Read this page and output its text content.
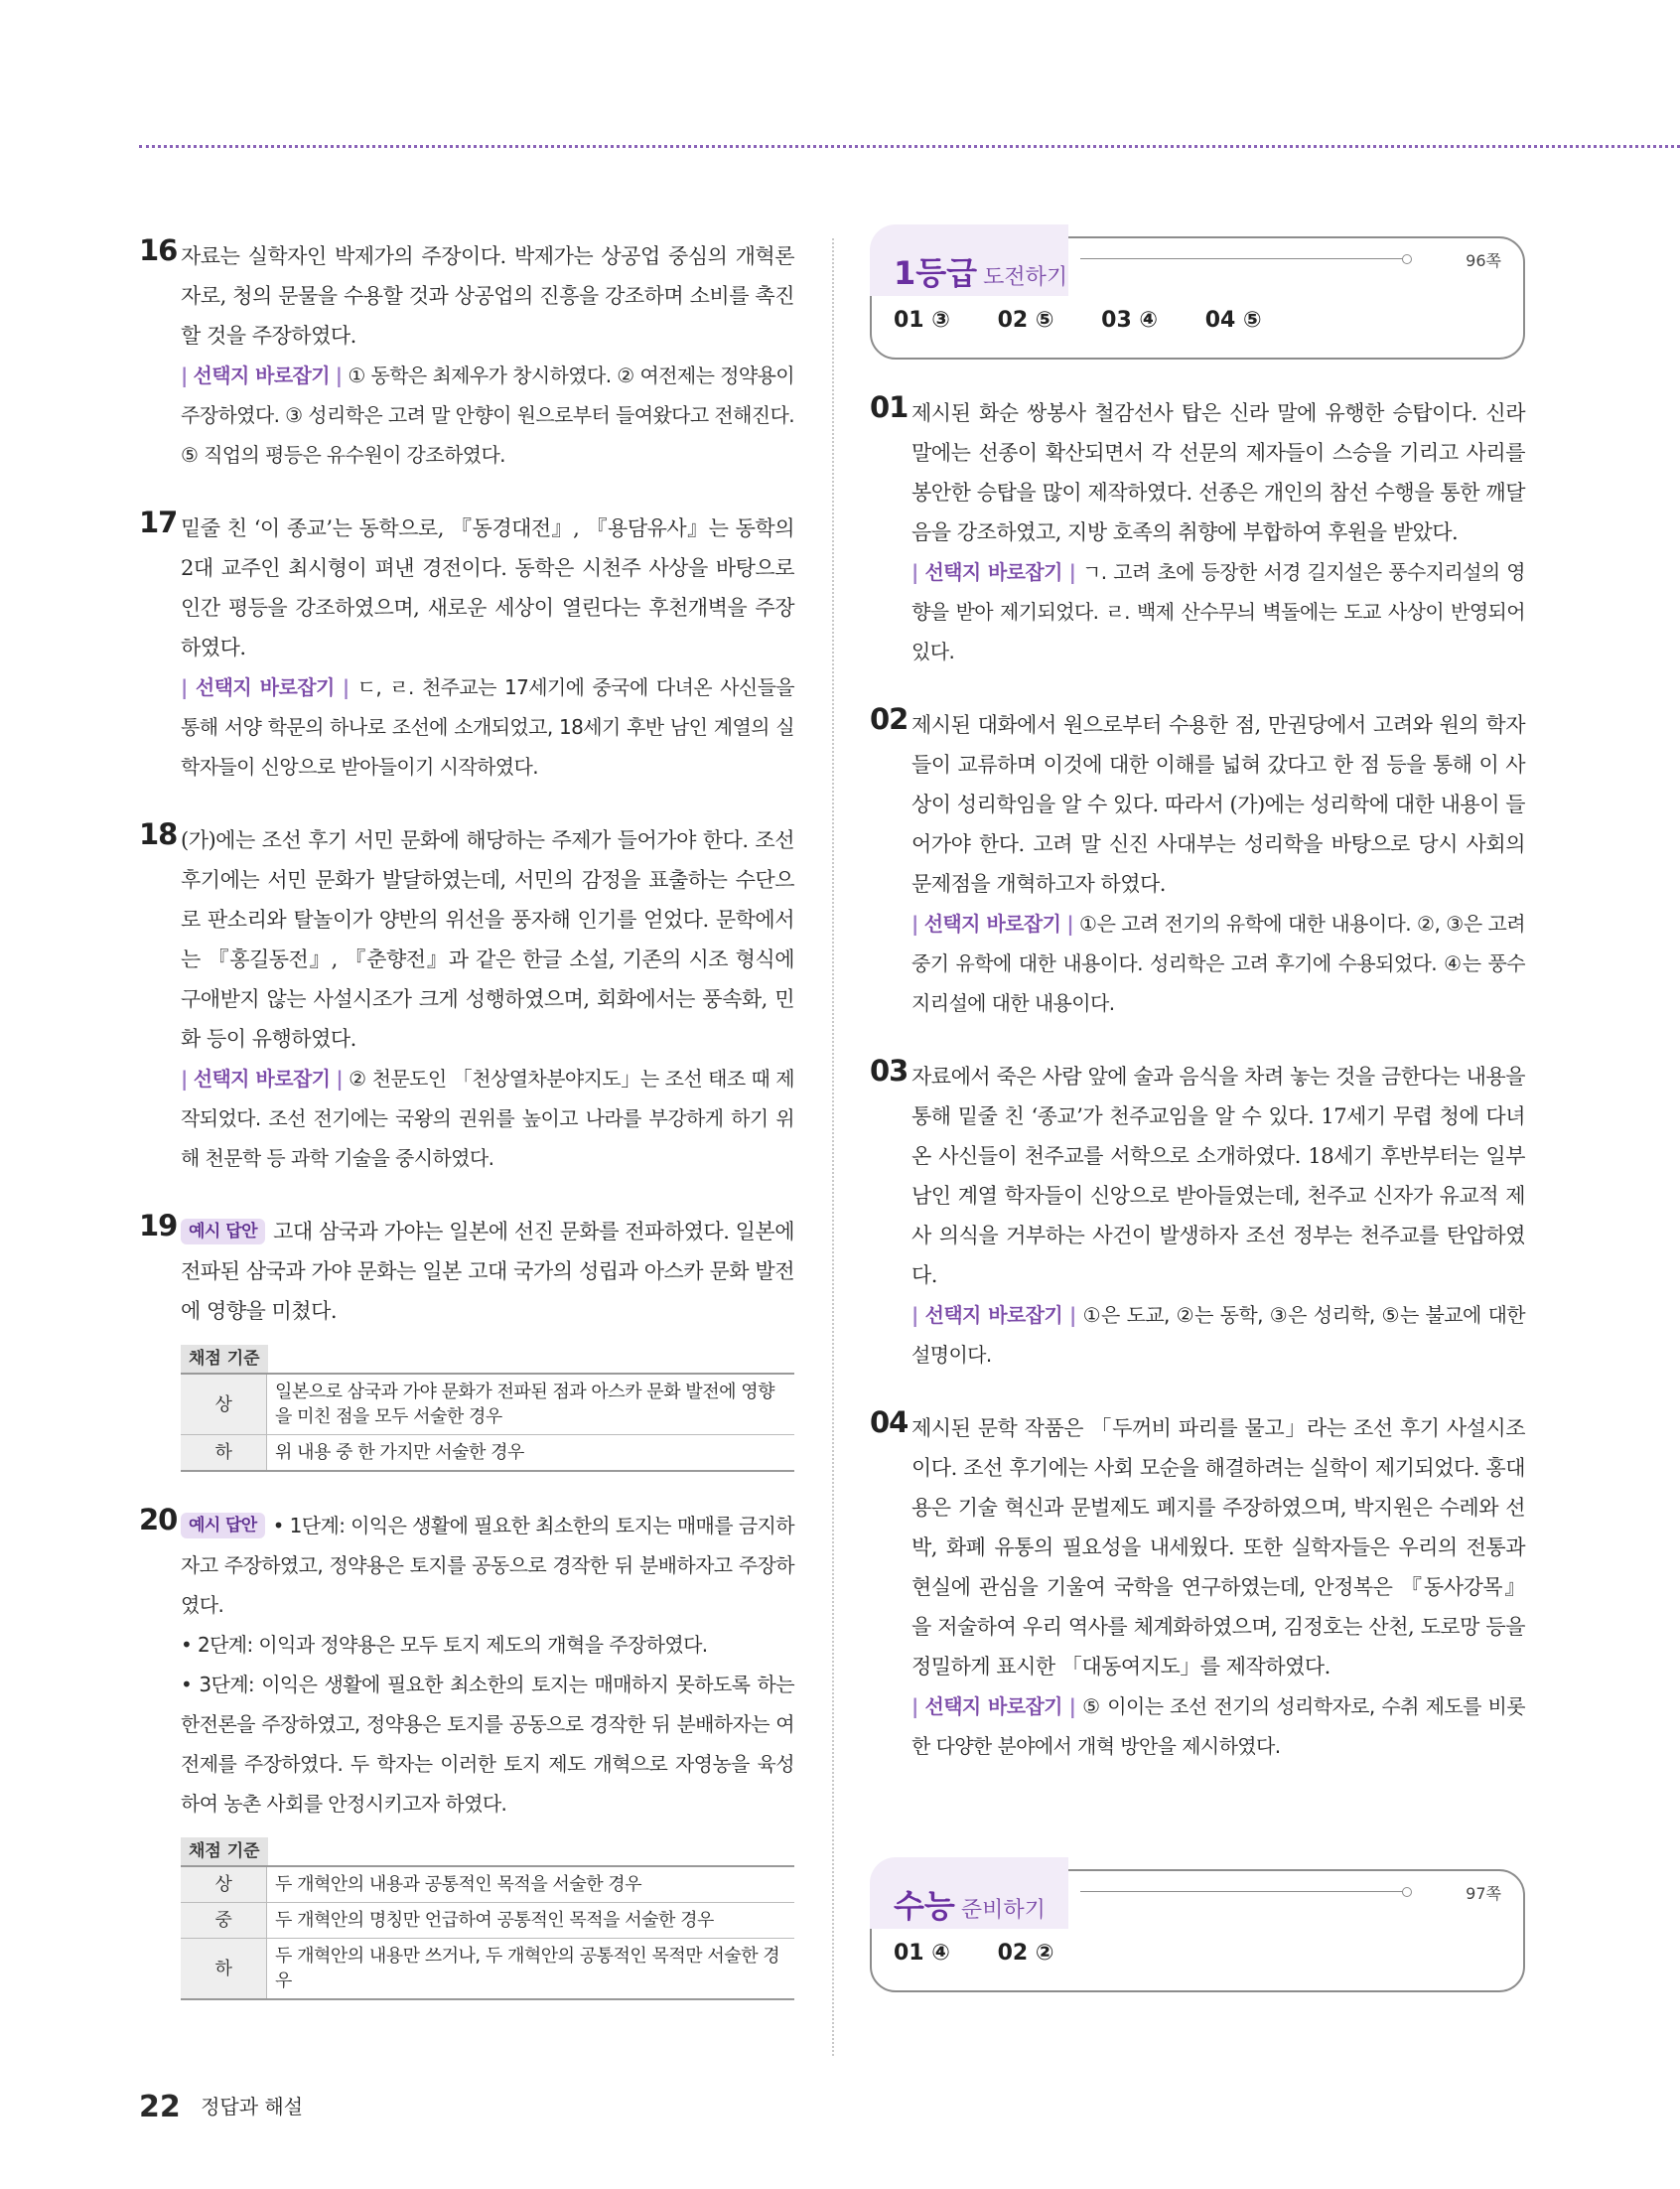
16 자료는 실학자인 박제가의 주장이다. 박제가는 상공업 중심의 개혁론자로, 청의 문물을 수용할 것과 상공업의 진흥을 강조하며 소비를 촉진할 것을 주장하였다.

| 선택지 바로잡기 | ① 동학은 최제우가 창시하였다. ② 여전제는 정약용이 주장하였다. ③ 성리학은 고려 말 안향이 원으로부터 들여왔다고 전해진다. ⑤ 직업의 평등은 유수원이 강조하였다.

17 밑줄 친 ‘이 종교’는 동학으로, 『동경대전』, 『용담유사』는 동학의 2대 교주인 최시형이 펴낸 경전이다. 동학은 시천주 사상을 바탕으로 인간 평등을 강조하였으며, 새로운 세상이 열린다는 후천개벽을 주장하였다.

| 선택지 바로잡기 | ㄷ, ㄹ. 천주교는 17세기에 중국에 다녀온 사신들을 통해 서양 학문의 하나로 조선에 소개되었고, 18세기 후반 남인 계열의 실학자들이 신앙으로 받아들이기 시작하였다.

18 (가)에는 조선 후기 서민 문화에 해당하는 주제가 들어가야 한다. 조선 후기에는 서민 문화가 발달하였는데, 서민의 감정을 표출하는 수단으로 판소리와 탈놀이가 양반의 위선을 풍자해 인기를 얻었다. 문학에서는 『홍길동전』, 『춘향전』과 같은 한글 소설, 기존의 시조 형식에 구애받지 않는 사설시조가 크게 성행하였으며, 회화에서는 풍속화, 민화 등이 유행하였다.

| 선택지 바로잡기 | ② 천문도인 「천상열차분야지도」는 조선 태조 때 제작되었다. 조선 전기에는 국왕의 권위를 높이고 나라를 부강하게 하기 위해 천문학 등 과학 기술을 중시하였다.

19 예시 답안 고대 삼국과 가야는 일본에 선진 문화를 전파하였다. 일본에 전파된 삼국과 가야 문화는 일본 고대 국가의 성립과 아스카 문화 발전에 영향을 미쳤다.

채점 기준
상	일본으로 삼국과 가야 문화가 전파된 점과 아스카 문화 발전에 영향을 미친 점을 모두 서술한 경우
하	위 내용 중 한 가지만 서술한 경우
20 예시 답안 • 1단계: 이익은 생활에 필요한 최소한의 토지는 매매를 금지하자고 주장하였고, 정약용은 토지를 공동으로 경작한 뒤 분배하자고 주장하였다.

• 2단계: 이익과 정약용은 모두 토지 제도의 개혁을 주장하였다.

• 3단계: 이익은 생활에 필요한 최소한의 토지는 매매하지 못하도록 하는 한전론을 주장하였고, 정약용은 토지를 공동으로 경작한 뒤 분배하자는 여전제를 주장하였다. 두 학자는 이러한 토지 제도 개혁으로 자영농을 육성하여 농촌 사회를 안정시키고자 하였다.

채점 기준
상	두 개혁안의 내용과 공통적인 목적을 서술한 경우
중	두 개혁안의 명칭만 언급하여 공통적인 목적을 서술한 경우
하	두 개혁안의 내용만 쓰거나, 두 개혁안의 공통적인 목적만 서술한 경우
1등급 도전하기
96쪽
01 ③ 02 ⑤ 03 ④ 04 ⑤
01 제시된 화순 쌍봉사 철감선사 탑은 신라 말에 유행한 승탑이다. 신라 말에는 선종이 확산되면서 각 선문의 제자들이 스승을 기리고 사리를 봉안한 승탑을 많이 제작하였다. 선종은 개인의 참선 수행을 통한 깨달음을 강조하였고, 지방 호족의 취향에 부합하여 후원을 받았다.

| 선택지 바로잡기 | ㄱ. 고려 초에 등장한 서경 길지설은 풍수지리설의 영향을 받아 제기되었다. ㄹ. 백제 산수무늬 벽돌에는 도교 사상이 반영되어 있다.

02 제시된 대화에서 원으로부터 수용한 점, 만권당에서 고려와 원의 학자들이 교류하며 이것에 대한 이해를 넓혀 갔다고 한 점 등을 통해 이 사상이 성리학임을 알 수 있다. 따라서 (가)에는 성리학에 대한 내용이 들어가야 한다. 고려 말 신진 사대부는 성리학을 바탕으로 당시 사회의 문제점을 개혁하고자 하였다.

| 선택지 바로잡기 | ①은 고려 전기의 유학에 대한 내용이다. ②, ③은 고려 중기 유학에 대한 내용이다. 성리학은 고려 후기에 수용되었다. ④는 풍수지리설에 대한 내용이다.

03 자료에서 죽은 사람 앞에 술과 음식을 차려 놓는 것을 금한다는 내용을 통해 밑줄 친 ‘종교’가 천주교임을 알 수 있다. 17세기 무렵 청에 다녀온 사신들이 천주교를 서학으로 소개하였다. 18세기 후반부터는 일부 남인 계열 학자들이 신앙으로 받아들였는데, 천주교 신자가 유교적 제사 의식을 거부하는 사건이 발생하자 조선 정부는 천주교를 탄압하였다.

| 선택지 바로잡기 | ①은 도교, ②는 동학, ③은 성리학, ⑤는 불교에 대한 설명이다.

04 제시된 문학 작품은 「두꺼비 파리를 물고」라는 조선 후기 사설시조이다. 조선 후기에는 사회 모순을 해결하려는 실학이 제기되었다. 홍대용은 기술 혁신과 문벌제도 폐지를 주장하였으며, 박지원은 수레와 선박, 화폐 유통의 필요성을 내세웠다. 또한 실학자들은 우리의 전통과 현실에 관심을 기울여 국학을 연구하였는데, 안정복은 『동사강목』을 저술하여 우리 역사를 체계화하였으며, 김정호는 산천, 도로망 등을 정밀하게 표시한 「대동여지도」를 제작하였다.

| 선택지 바로잡기 | ⑤ 이이는 조선 전기의 성리학자로, 수취 제도를 비롯한 다양한 분야에서 개혁 방안을 제시하였다.

수능 준비하기
97쪽
01 ④ 02 ②
22 정답과 해설
